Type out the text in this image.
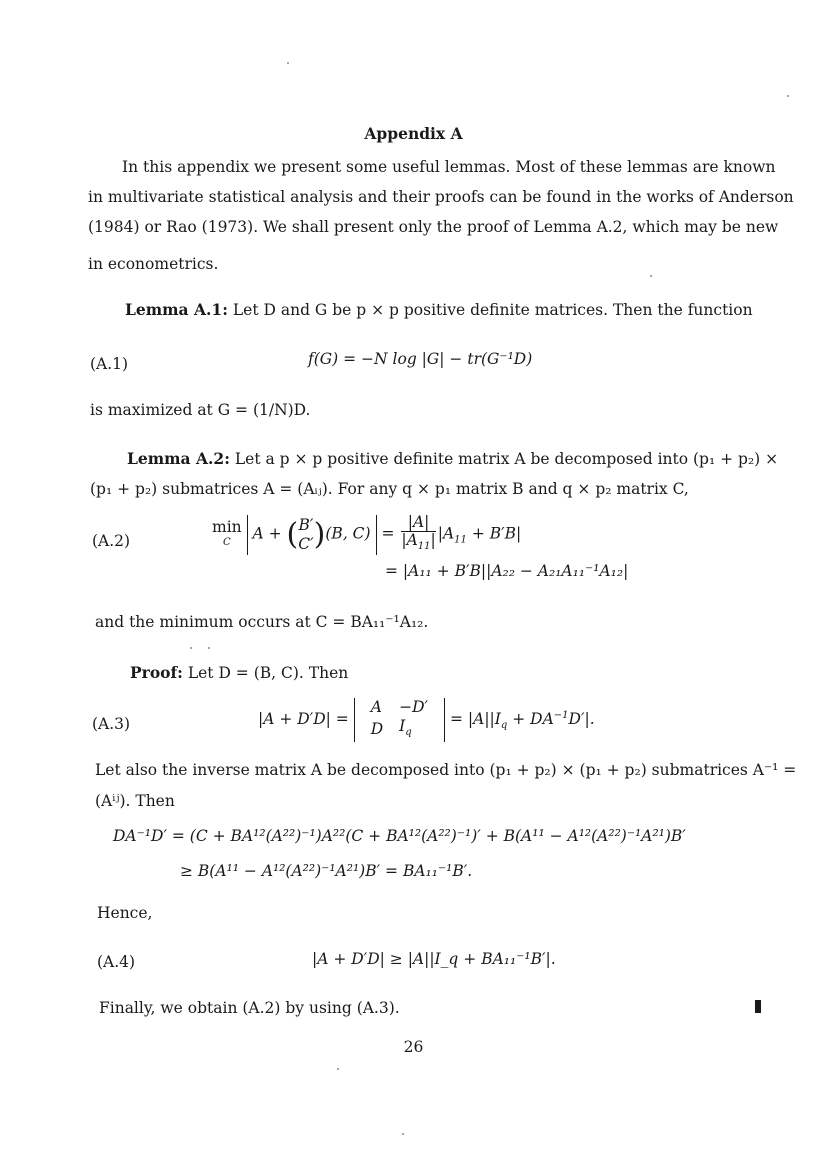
Appendix A
In this appendix we present some useful lemmas. Most of these lemmas are known
in multivariate statistical analysis and their proofs can be found in the works of Anderson
(1984) or Rao (1973). We shall present only the proof of Lemma A.2, which may be new
in econometrics.
Lemma A.1: Let D and G be p × p positive definite matrices. Then the function
(A.1)	f(G) = −N log |G| − tr(G⁻¹D)
is maximized at G = (1/N)D.
Lemma A.2: Let a p × p positive definite matrix A be decomposed into (p₁ + p₂) ×
(p₁ + p₂) submatrices A = (Aᵢⱼ). For any q × p₁ matrix B and q × p₂ matrix C,
(A.2)
min
C	A + ( B′
C′ )(B, $C) = \frac{|A|}{|A_{11}|} |A_{11} + B'B|$
= |A₁₁ + B′B||A₂₂ − A₂₁A₁₁⁻¹A₁₂|
and the minimum occurs at C = BA₁₁⁻¹A₁₂.
Proof: Let D = (B, C). Then
(A.3)	|A + D′D| =
A	−D′
D	$I_q$
= $|A||I_q + DA^{-1}D'|$.
Let also the inverse matrix A be decomposed into (p₁ + p₂) × (p₁ + p₂) submatrices A⁻¹ =
(Aⁱʲ). Then
DA⁻¹D′ = (C + BA¹²(A²²)⁻¹)A²²(C + BA¹²(A²²)⁻¹)′ + B(A¹¹ − A¹²(A²²)⁻¹A²¹)B′
≥ B(A¹¹ − A¹²(A²²)⁻¹A²¹)B′ = BA₁₁⁻¹B′.
Hence,
(A.4)	|A + D′D| ≥ |A||I_q + BA₁₁⁻¹B′|.
Finally, we obtain (A.2) by using (A.3).
26
